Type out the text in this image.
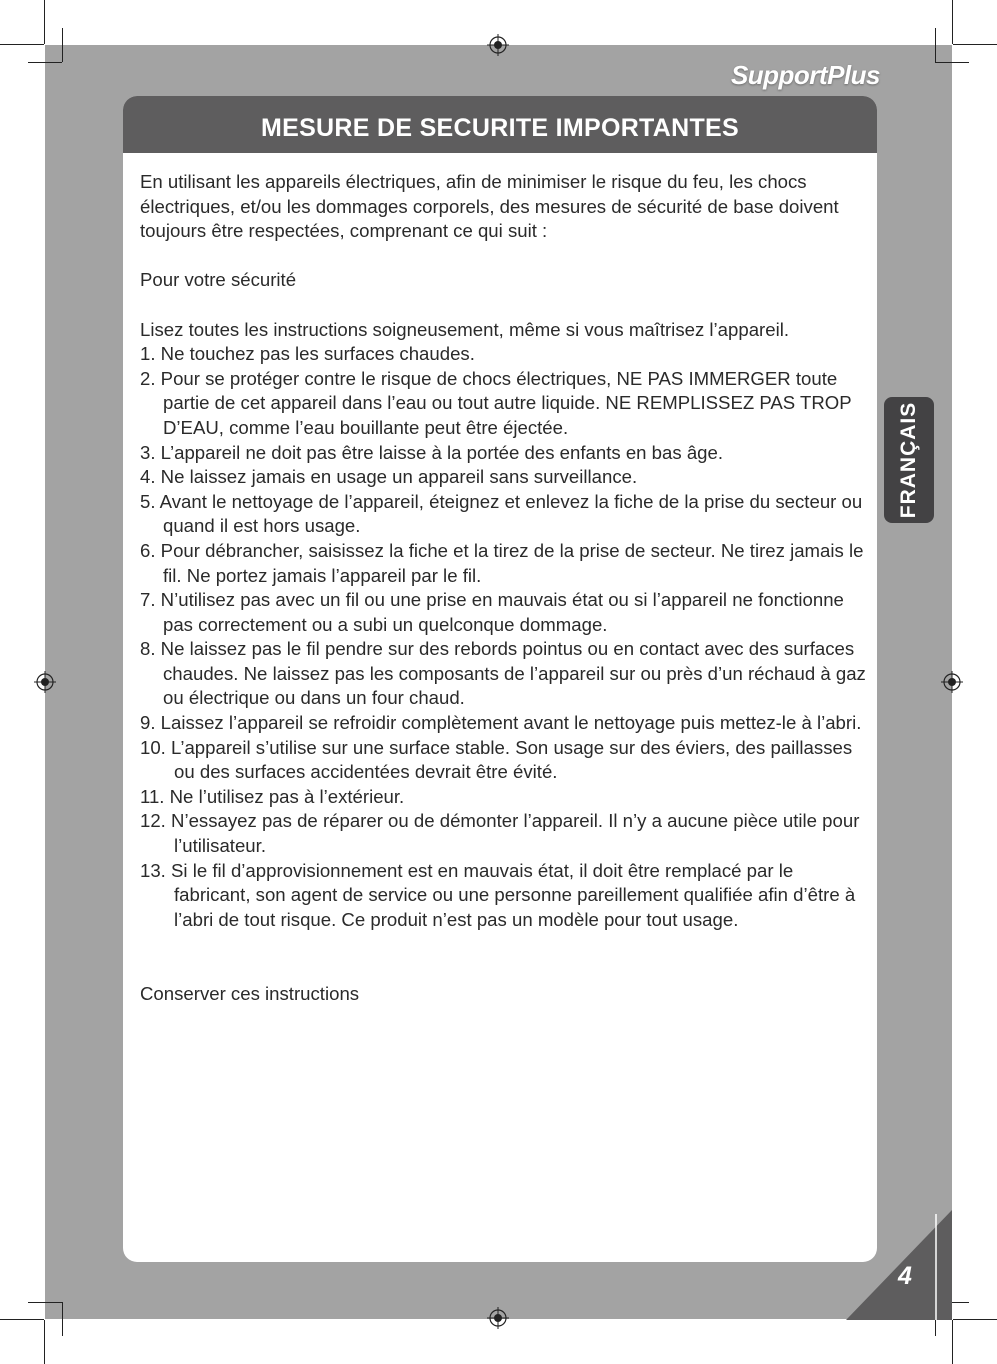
SupportPlus
MESURE DE SECURITE IMPORTANTES

En utilisant les appareils électriques, afin de minimiser le risque du feu, les chocs électriques, et/ou les dommages corporels, des mesures de sécurité de base doivent toujours être respectées, comprenant ce qui suit :

Pour votre sécurité

Lisez toutes les instructions soigneusement, même si vous maîtrisez l’appareil.

1. Ne touchez pas les surfaces chaudes.
2. Pour se protéger contre le risque de chocs électriques, NE PAS IMMERGER toute partie de cet appareil dans l’eau ou tout autre liquide. NE REMPLISSEZ PAS TROP D’EAU, comme l’eau bouillante peut être éjectée.
3. L’appareil ne doit pas être laisse à la portée des enfants en bas âge.
4. Ne laissez jamais en usage un appareil sans surveillance.
5. Avant le nettoyage de l’appareil, éteignez et enlevez la fiche de la prise du secteur ou quand il est hors usage.
6. Pour débrancher, saisissez la fiche et la tirez de la prise de secteur. Ne tirez jamais le fil. Ne portez jamais l’appareil par le fil.
7. N’utilisez pas avec un fil ou une prise en mauvais état ou si l’appareil ne fonctionne pas correctement ou a subi un quelconque dommage.
8. Ne laissez pas le fil pendre sur des rebords pointus ou en contact avec des surfaces chaudes. Ne laissez pas les composants de l’appareil sur ou près d’un réchaud à gaz ou électrique ou dans un four chaud.
9. Laissez l’appareil se refroidir complètement avant le nettoyage puis mettez-le à l’abri.
10. L’appareil s’utilise sur une surface stable. Son usage sur des éviers, des paillasses ou des surfaces accidentées devrait être évité.
11. Ne l’utilisez pas à l’extérieur.
12. N’essayez pas de réparer ou de démonter l’appareil. Il n’y a aucune pièce utile pour l’utilisateur.
13. Si le fil d’approvisionnement est en mauvais état, il doit être remplacé par le fabricant, son agent de service ou une personne pareillement qualifiée afin d’être à l’abri de tout risque. Ce produit n’est pas un modèle pour tout usage.

Conserver ces instructions

FRANÇAIS
4
